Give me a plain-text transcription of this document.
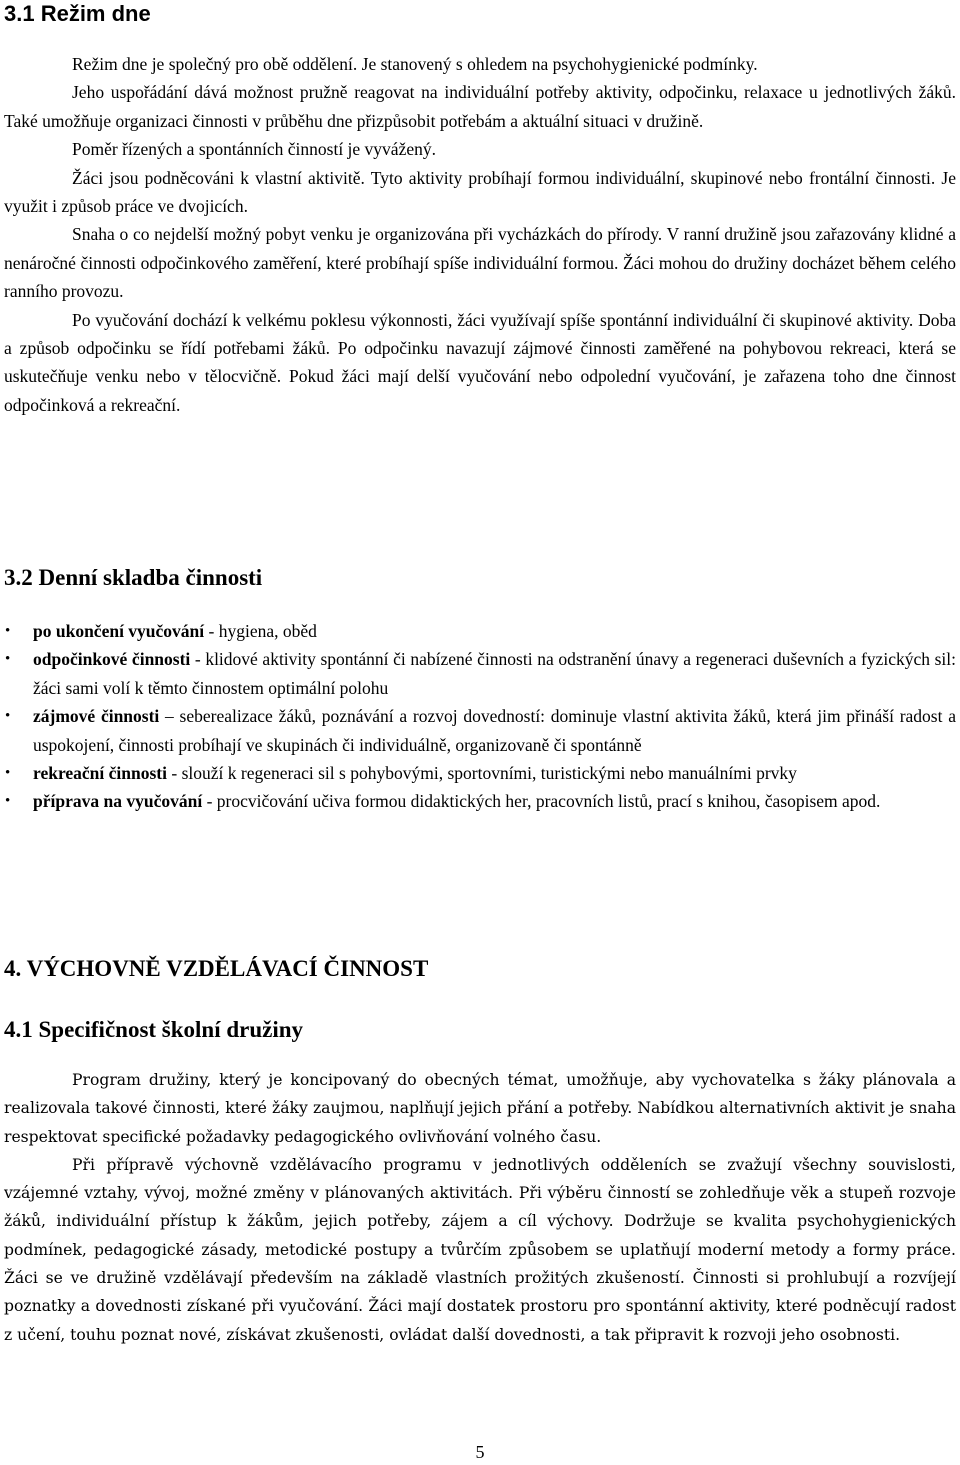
3.1 Režim dne

Režim dne je společný pro obě oddělení. Je stanovený s ohledem na psychohygienické podmínky.

Jeho uspořádání dává možnost pružně reagovat na individuální potřeby aktivity, odpočinku, relaxace u jednotlivých žáků. Také umožňuje organizaci činnosti v průběhu dne přizpůsobit potřebám a aktuální situaci v družině.

Poměr řízených a spontánních činností je vyvážený.

Žáci jsou podněcováni k vlastní aktivitě. Tyto aktivity probíhají formou individuální, skupinové nebo frontální činnosti. Je využit i způsob práce ve dvojicích.

Snaha o co nejdelší možný pobyt venku je organizována při vycházkách do přírody. V ranní družině jsou zařazovány klidné a nenáročné činnosti odpočinkového zaměření, které probíhají spíše individuální formou. Žáci mohou do družiny docházet během celého ranního provozu.

Po vyučování dochází k velkému poklesu výkonnosti, žáci využívají spíše spontánní individuální či skupinové aktivity. Doba a způsob odpočinku se řídí potřebami žáků. Po odpočinku navazují zájmové činnosti zaměřené na pohybovou rekreaci, která se uskutečňuje venku nebo v tělocvičně. Pokud žáci mají delší vyučování nebo odpolední vyučování, je zařazena toho dne činnost odpočinková a rekreační.

3.2 Denní skladba činnosti
• po ukončení vyučování - hygiena, oběd
• odpočinkové činnosti - klidové aktivity spontánní či nabízené činnosti na odstranění únavy a regeneraci duševních a fyzických sil: žáci sami volí k těmto činnostem optimální polohu
• zájmové činnosti – seberealizace žáků, poznávání a rozvoj dovedností: dominuje vlastní aktivita žáků, která jim přináší radost a uspokojení, činnosti probíhají ve skupinách či individuálně, organizovaně či spontánně
• rekreační činnosti - slouží k regeneraci sil s pohybovými, sportovními, turistickými nebo manuálními prvky
• příprava na vyučování - procvičování učiva formou didaktických her, pracovních listů, prací s knihou, časopisem apod.
4. VÝCHOVNĚ VZDĚLÁVACÍ ČINNOST
4.1 Specifičnost školní družiny

Program družiny, který je koncipovaný do obecných témat, umožňuje, aby vychovatelka s žáky plánovala a realizovala takové činnosti, které žáky zaujmou, naplňují jejich přání a potřeby. Nabídkou alternativních aktivit je snaha respektovat specifické požadavky pedagogického ovlivňování volného času.

Při přípravě výchovně vzdělávacího programu v jednotlivých odděleních se zvažují všechny souvislosti, vzájemné vztahy, vývoj, možné změny v plánovaných aktivitách. Při výběru činností se zohledňuje věk a stupeň rozvoje žáků, individuální přístup k žákům, jejich potřeby, zájem a cíl výchovy. Dodržuje se kvalita psychohygienických podmínek, pedagogické zásady, metodické postupy a tvůrčím způsobem se uplatňují moderní metody a formy práce. Žáci se ve družině vzdělávají především na základě vlastních prožitých zkušeností. Činnosti si prohlubují a rozvíjejí poznatky a dovednosti získané při vyučování. Žáci mají dostatek prostoru pro spontánní aktivity, které podněcují radost z učení, touhu poznat nové, získávat zkušenosti, ovládat další dovednosti, a tak připravit k rozvoji jeho osobnosti.

5
